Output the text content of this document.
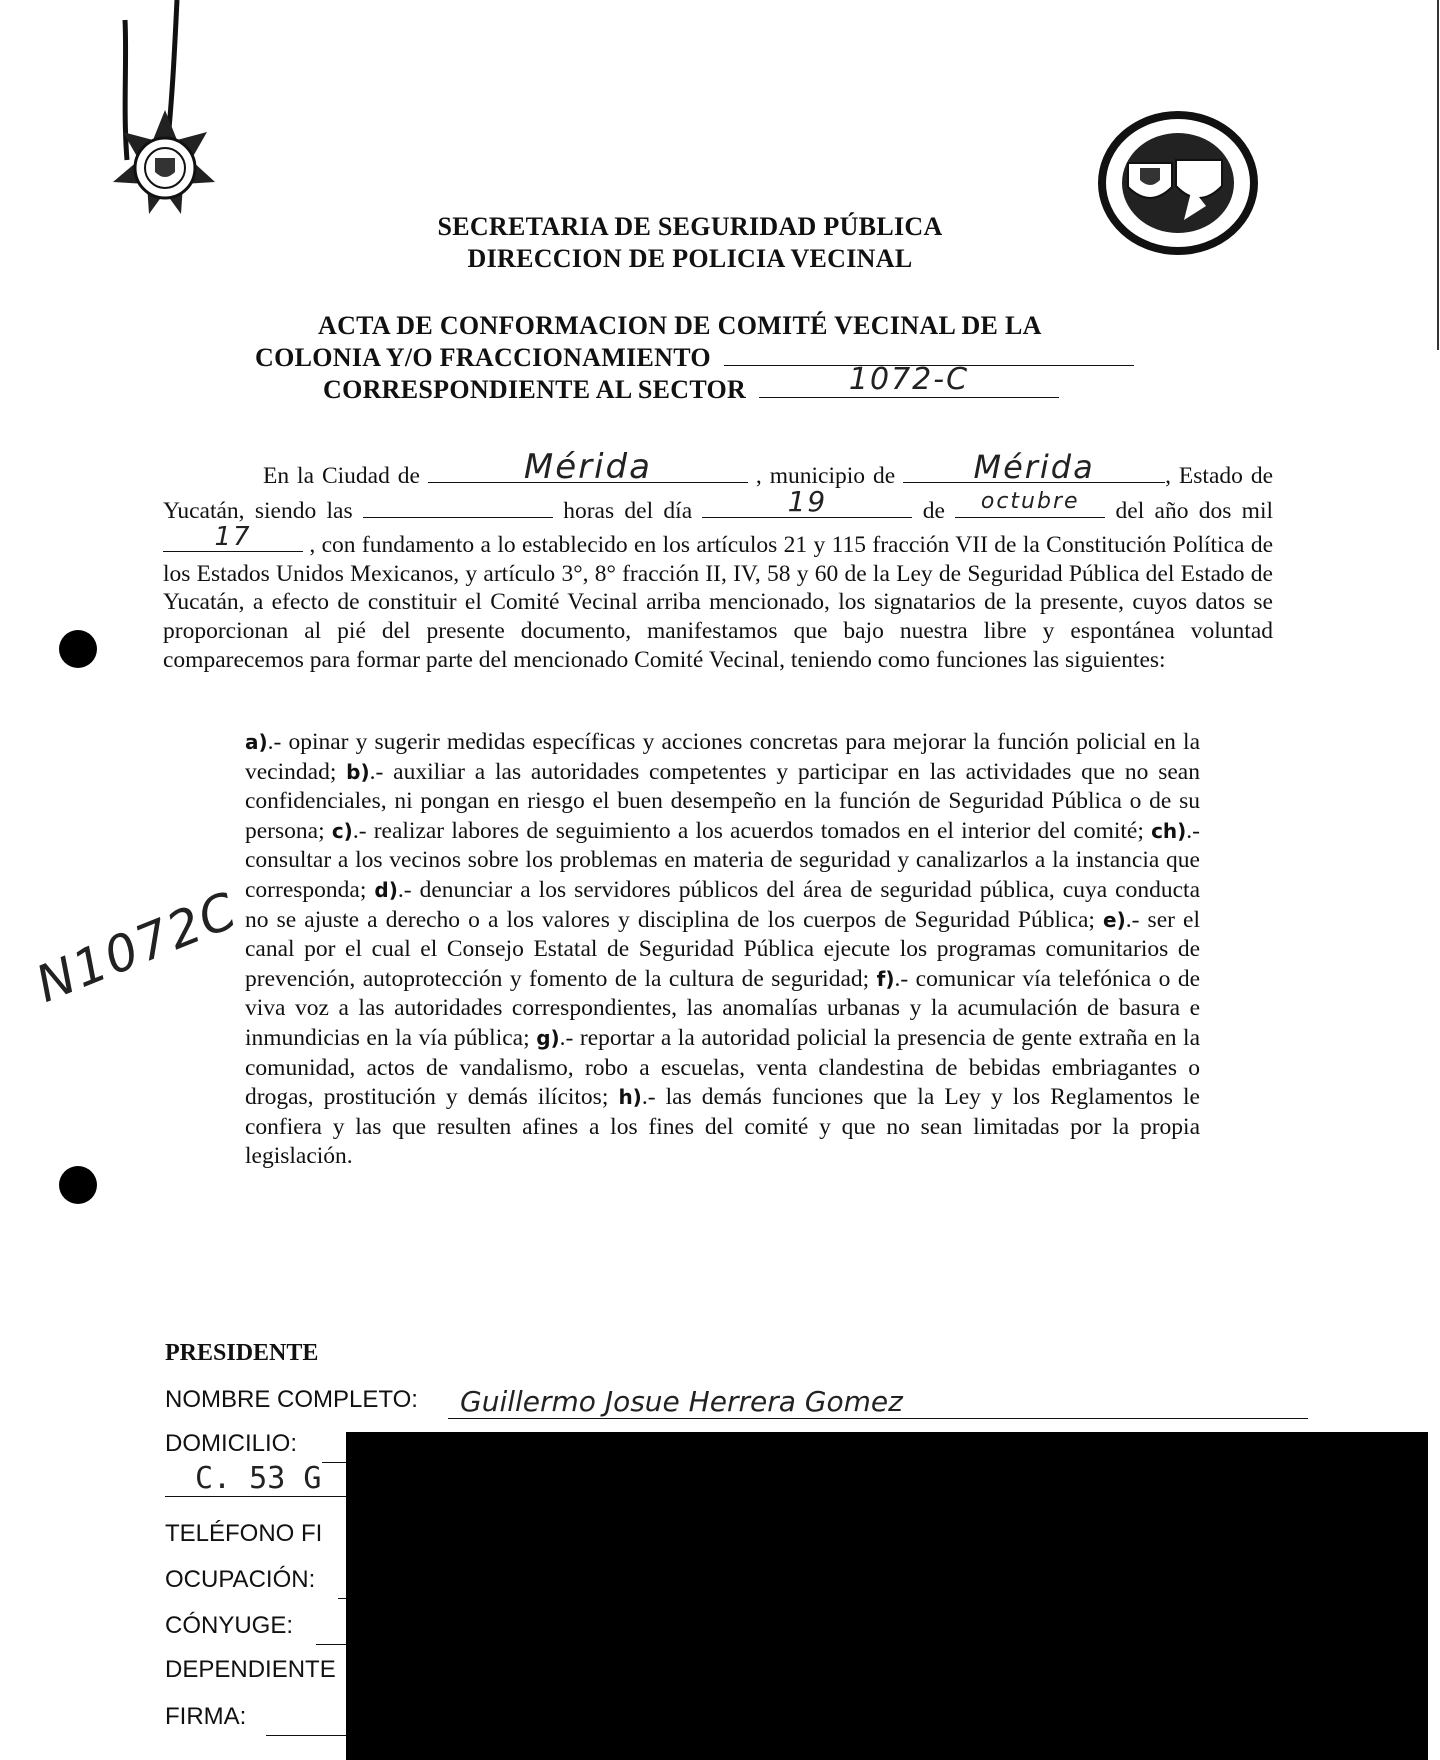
SECRETARIA DE SEGURIDAD PÚBLICA
DIRECCION DE POLICIA VECINAL
ACTA DE CONFORMACION DE COMITÉ VECINAL DE LA
COLONIA Y/O FRACCIONAMIENTO
CORRESPONDIENTE AL SECTOR	1072-C
En la Ciudad de	Mérida	, municipio de	Mérida	, Estado de Yucatán, siendo las	horas del día	19	de	octubre	del año dos mil
17	, con fundamento a lo establecido en los artículos 21 y 115 fracción VII de la Constitución Política de los Estados Unidos Mexicanos, y artículo 3°, 8° fracción II, IV, 58 y 60 de la Ley de Seguridad Pública del Estado de Yucatán, a efecto de constituir el Comité Vecinal arriba mencionado, los signatarios de la presente, cuyos datos se proporcionan al pié del presente documento, manifestamos que bajo nuestra libre y espontánea voluntad comparecemos para formar parte del mencionado Comité Vecinal, teniendo como funciones las siguientes:
a).- opinar y sugerir medidas específicas y acciones concretas para mejorar la función policial en la vecindad; b).- auxiliar a las autoridades competentes y participar en las actividades que no sean confidenciales, ni pongan en riesgo el buen desempeño en la función de Seguridad Pública o de su persona; c).- realizar labores de seguimiento a los acuerdos tomados en el interior del comité; ch).- consultar a los vecinos sobre los problemas en materia de seguridad y canalizarlos a la instancia que corresponda; d).- denunciar a los servidores públicos del área de seguridad pública, cuya conducta no se ajuste a derecho o a los valores y disciplina de los cuerpos de Seguridad Pública; e).- ser el canal por el cual el Consejo Estatal de Seguridad Pública ejecute los programas comunitarios de prevención, autoprotección y fomento de la cultura de seguridad; f).- comunicar vía telefónica o de viva voz a las autoridades correspondientes, las anomalías urbanas y la acumulación de basura e inmundicias en la vía pública; g).- reportar a la autoridad policial la presencia de gente extraña en la comunidad, actos de vandalismo, robo a escuelas, venta clandestina de bebidas embriagantes o drogas, prostitución y demás ilícitos; h).- las demás funciones que la Ley y los Reglamentos le confiera y las que resulten afines a los fines del comité y que no sean limitadas por la propia legislación.
N1072C
PRESIDENTE
NOMBRE COMPLETO: Guillermo Josue Herrera Gomez
DOMICILIO:
C. 53 G
TELÉFONO FI
OCUPACIÓN:
CÓNYUGE:
DEPENDIENTE
FIRMA:
